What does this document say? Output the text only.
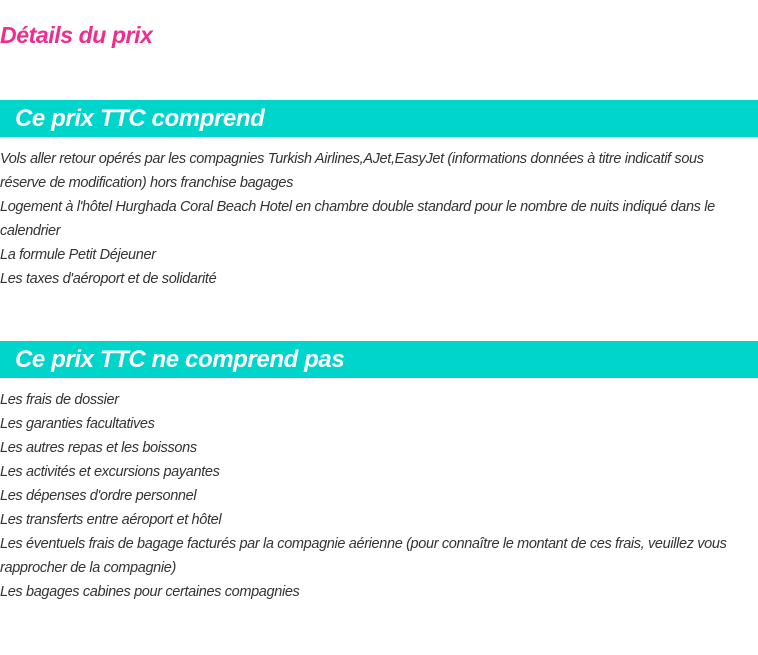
Détails du prix
Ce prix TTC comprend
Vols aller retour opérés par les compagnies Turkish Airlines,AJet,EasyJet (informations données à titre indicatif sous réserve de modification) hors franchise bagages
Logement à l'hôtel Hurghada Coral Beach Hotel en chambre double standard pour le nombre de nuits indiqué dans le calendrier
La formule Petit Déjeuner
Les taxes d'aéroport et de solidarité
Ce prix TTC ne comprend pas
Les frais de dossier
Les garanties facultatives
Les autres repas et les boissons
Les activités et excursions payantes
Les dépenses d'ordre personnel
Les transferts entre aéroport et hôtel
Les éventuels frais de bagage facturés par la compagnie aérienne (pour connaître le montant de ces frais, veuillez vous rapprocher de la compagnie)
Les bagages cabines pour certaines compagnies
